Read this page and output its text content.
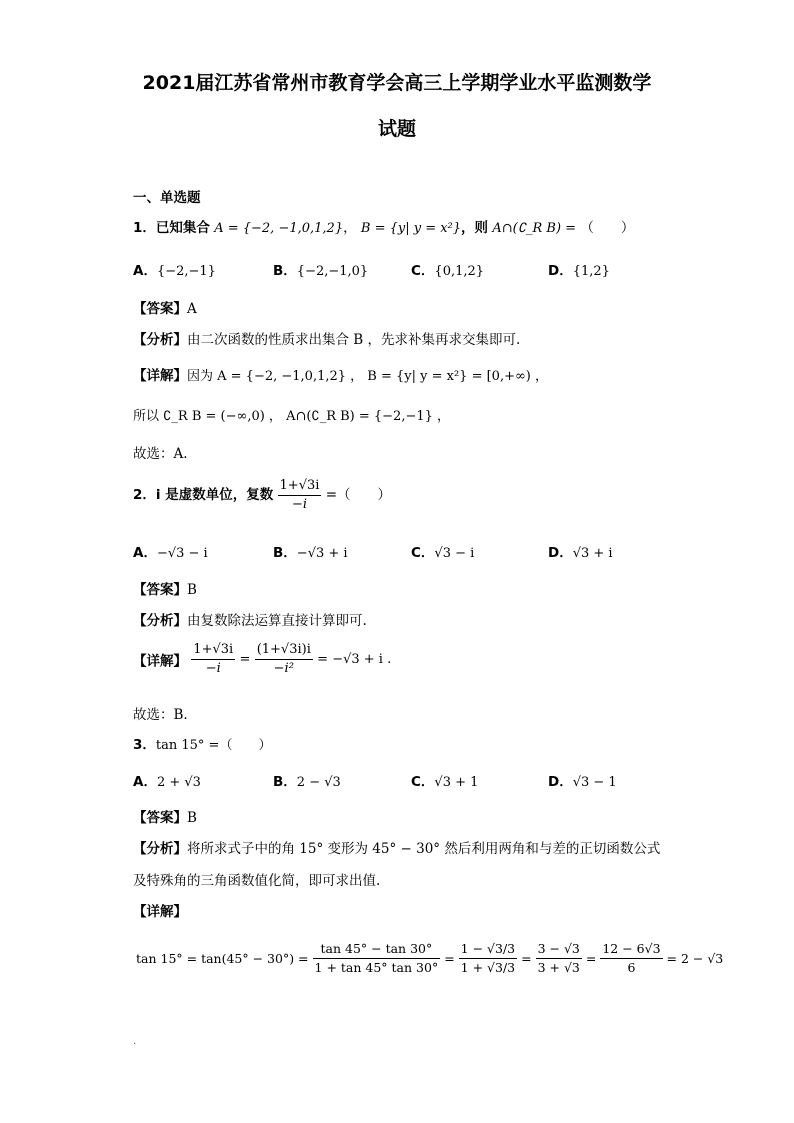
2021届江苏省常州市教育学会高三上学期学业水平监测数学
试题
一、单选题
1．已知集合 A = {−2, −1,0,1,2}， B = {y| y = x²}，则 A∩(∁_R B) = （　　）
A．{−2,−1}	B．{−2,−1,0}	C．{0,1,2}	D．{1,2}
【答案】A
【分析】由二次函数的性质求出集合 B ，先求补集再求交集即可.
【详解】因为 A = {−2, −1,0,1,2} ， B = {y| y = x²} = [0,+∞) ，
所以 ∁_R B = (−∞,0) ， A∩(∁_R B) = {−2,−1} ，
故选：A.
2．i 是虚数单位，复数 $\frac{1+√3i}{-i}$ =（　　）
A．−√3 − i	B．−√3 + i	C．√3 − i	D．√3 + i
【答案】B
【分析】由复数除法运算直接计算即可.
【详解】 $\frac{1+√3i}{-i} = \frac{(1+√3i)i}{\text{−i²}} = -√3 + i$ .
故选：B.
3．tan 15° =（　　）
A．2 + √3	B．2 − √3	C．√3 + 1	D．√3 − 1
【答案】B
【分析】将所求式子中的角 15° 变形为 45° − 30° 然后利用两角和与差的正切函数公式
及特殊角的三角函数值化简，即可求出值.
【详解】
$\tan 15^\circ = \tan(45^\circ - 30^\circ) = \frac{\tan 45^\circ - \tan 30^\circ}{1 + \tan 45^\circ \tan 30^\circ} = \frac{1 - √3/3}{1 + √3/3} = \frac{3 - √3}{3 + √3} = \frac{12 - 6√3}{6} = 2 - √3$
.
